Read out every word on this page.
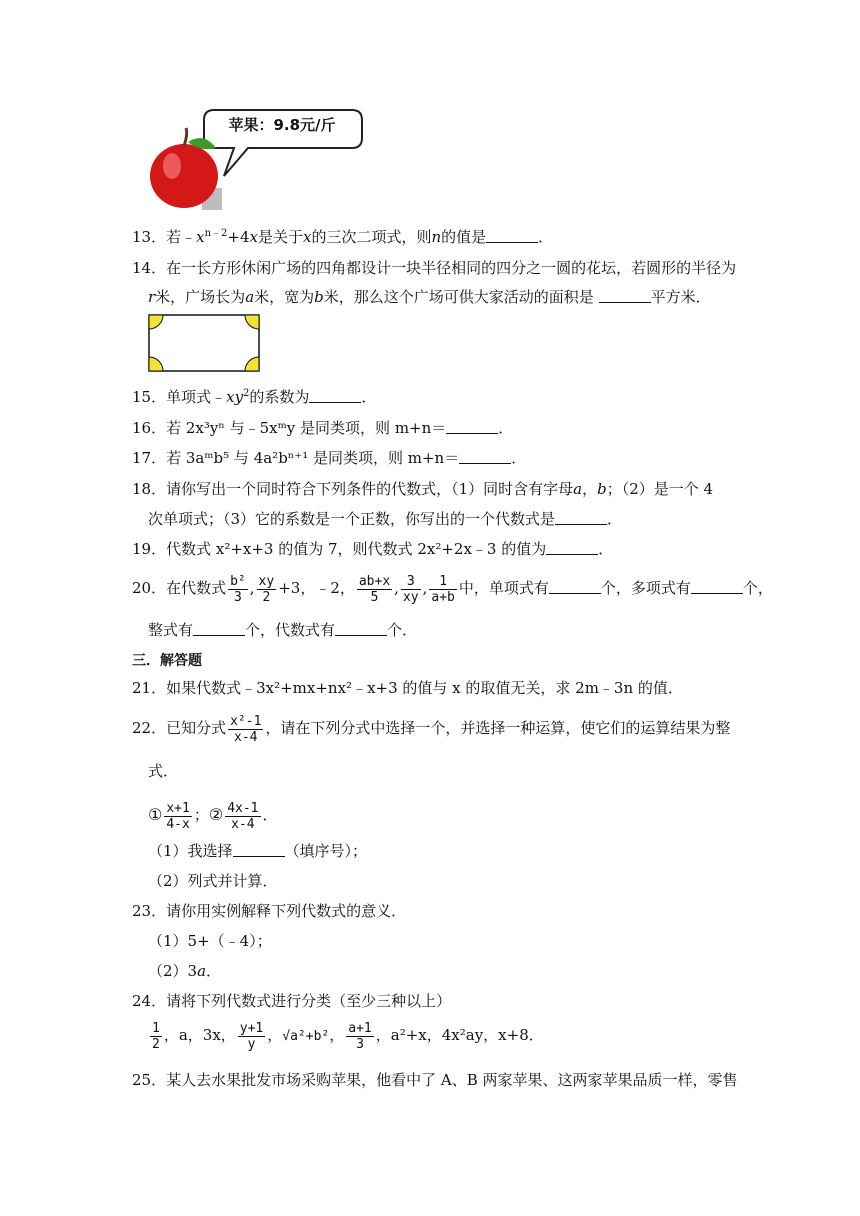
苹果：9.8元/斤
13．若$﹣x^{n﹣2}+4x$是关于x的三次二项式，则n的值是	．
14．在一长方形休闲广场的四角都设计一块半径相同的四分之一圆的花坛，若圆形的半径为
r米，广场长为a米，宽为b米，那么这个广场可供大家活动的面积是	平方米．
15．单项式$﹣xy^2$的系数为	．
16．若 2x³yⁿ 与﹣5xᵐy 是同类项，则 m+n＝	．
17．若 3aᵐb⁵ 与 4a²bⁿ⁺¹ 是同类项，则 m+n＝	．
18．请你写出一个同时符合下列条件的代数式，（1）同时含有字母a，b；（2）是一个 4
次单项式；（3）它的系数是一个正数，你写出的一个代数式是	．
19．代数式 x²+x+3 的值为 7，则代数式 2x²+2x﹣3 的值为	．
20．在代数式 $\frac{\text{b²}}{3}$ , $\frac{xy}{2} +3$，﹣2， $\frac{ab+x}{5}$ , $\frac{3}{xy}$ , $\frac{1}{a+b}$ 中，单项式有	个，多项式有	个，
整式有	个，代数式有	个．
三．解答题
21．如果代数式﹣3x²+mx+nx²﹣x+3 的值与 x 的取值无关，求 2m﹣3n 的值．
22．已知分式 $\frac{\text{x²-1}}{x-4}$ ，请在下列分式中选择一个，并选择一种运算，使它们的运算结果为整
式．
① $\frac{x+1}{4-x}$ ；② $\frac{4x-1}{x-4}$ ．
（1）我选择	（填序号）；
（2）列式并计算．
23．请你用实例解释下列代数式的意义．
（1）5+（﹣4）；
（2）3a．
24．请将下列代数式进行分类（至少三种以上）
$\frac{1}{2}$ ，a，3x， $\frac{y+1}{y}$ ，√a²+b²， $\frac{a+1}{3}$ ，a²+x，4x²ay，x+8．
25．某人去水果批发市场采购苹果，他看中了 A、B 两家苹果、这两家苹果品质一样，零售
